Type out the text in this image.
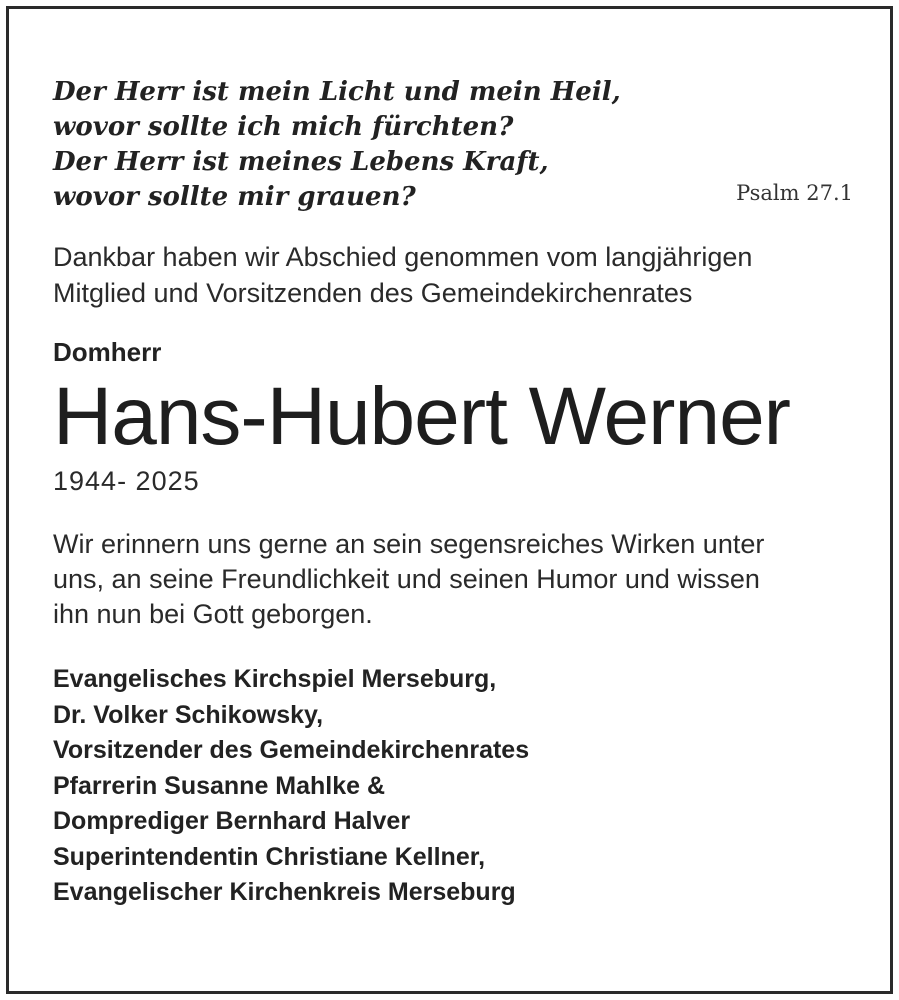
Der Herr ist mein Licht und mein Heil,
wovor sollte ich mich fürchten?
Der Herr ist meines Lebens Kraft,
wovor sollte mir grauen?	Psalm 27.1
Dankbar haben wir Abschied genommen vom langjährigen
Mitglied und Vorsitzenden des Gemeindekirchenrates
Domherr
Hans-Hubert Werner
1944- 2025
Wir erinnern uns gerne an sein segensreiches Wirken unter
uns, an seine Freundlichkeit und seinen Humor und wissen
ihn nun bei Gott geborgen.
Evangelisches Kirchspiel Merseburg,
Dr. Volker Schikowsky,
Vorsitzender des Gemeindekirchenrates
Pfarrerin Susanne Mahlke &
Domprediger Bernhard Halver
Superintendentin Christiane Kellner,
Evangelischer Kirchenkreis Merseburg
